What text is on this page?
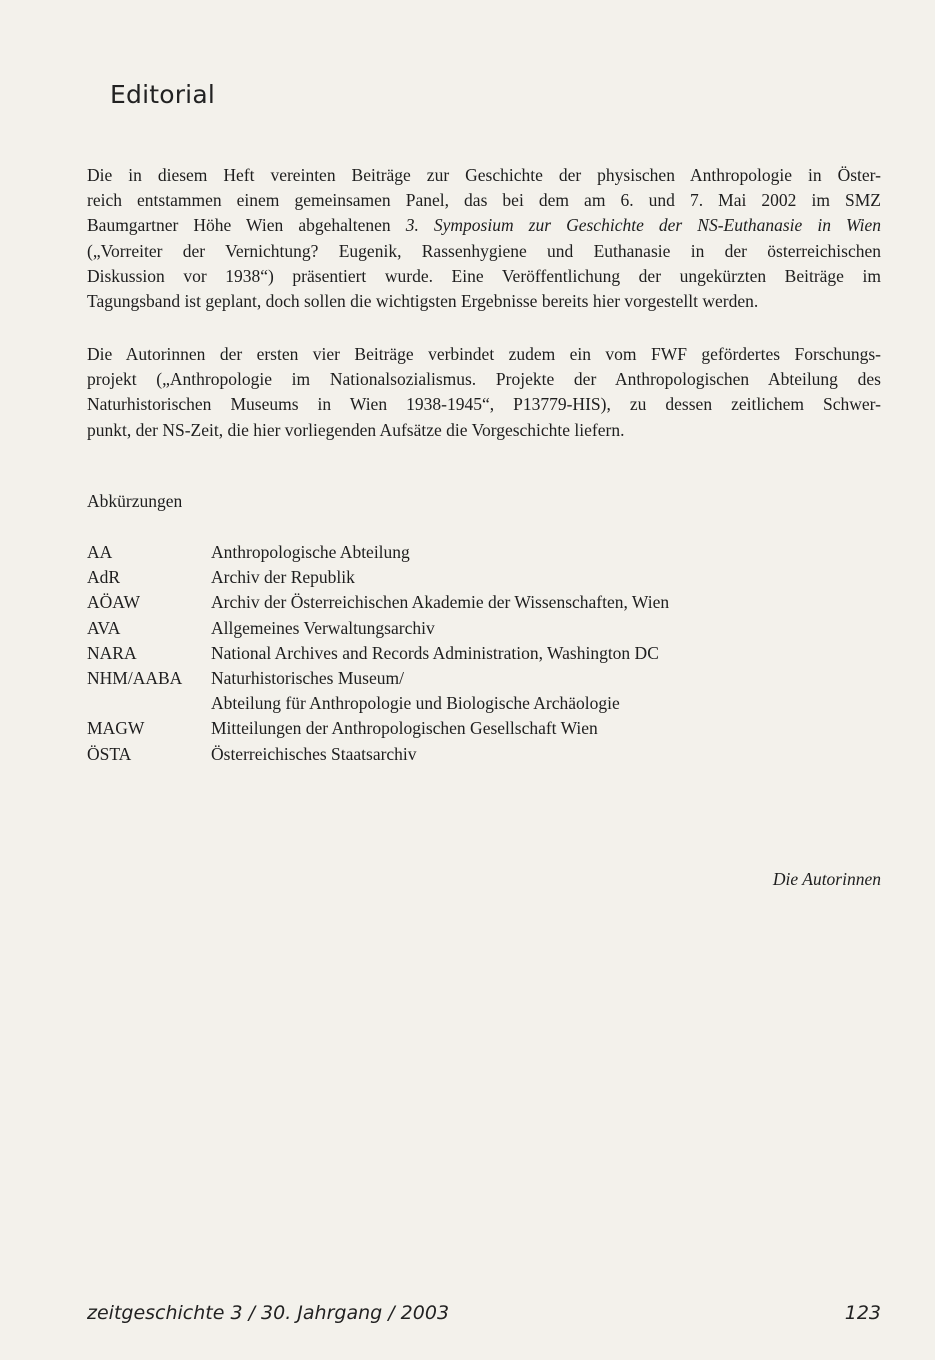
Editorial
Die in diesem Heft vereinten Beiträge zur Geschichte der physischen Anthropologie in Öster-
reich entstammen einem gemeinsamen Panel, das bei dem am 6. und 7. Mai 2002 im SMZ
Baumgartner Höhe Wien abgehaltenen 3. Symposium zur Geschichte der NS-Euthanasie in Wien
(„Vorreiter der Vernichtung? Eugenik, Rassenhygiene und Euthanasie in der österreichischen
Diskussion vor 1938“) präsentiert wurde. Eine Veröffentlichung der ungekürzten Beiträge im
Tagungsband ist geplant, doch sollen die wichtigsten Ergebnisse bereits hier vorgestellt werden.
Die Autorinnen der ersten vier Beiträge verbindet zudem ein vom FWF gefördertes Forschungs-
projekt („Anthropologie im Nationalsozialismus. Projekte der Anthropologischen Abteilung des
Naturhistorischen Museums in Wien 1938-1945“, P13779-HIS), zu dessen zeitlichem Schwer-
punkt, der NS-Zeit, die hier vorliegenden Aufsätze die Vorgeschichte liefern.
Abkürzungen
AA	Anthropologische Abteilung
AdR	Archiv der Republik
AÖAW	Archiv der Österreichischen Akademie der Wissenschaften, Wien
AVA	Allgemeines Verwaltungsarchiv
NARA	National Archives and Records Administration, Washington DC
NHM/AABA	Naturhistorisches Museum/
Abteilung für Anthropologie und Biologische Archäologie
MAGW	Mitteilungen der Anthropologischen Gesellschaft Wien
ÖSTA	Österreichisches Staatsarchiv
Die Autorinnen
zeitgeschichte 3 / 30. Jahrgang / 2003	123
